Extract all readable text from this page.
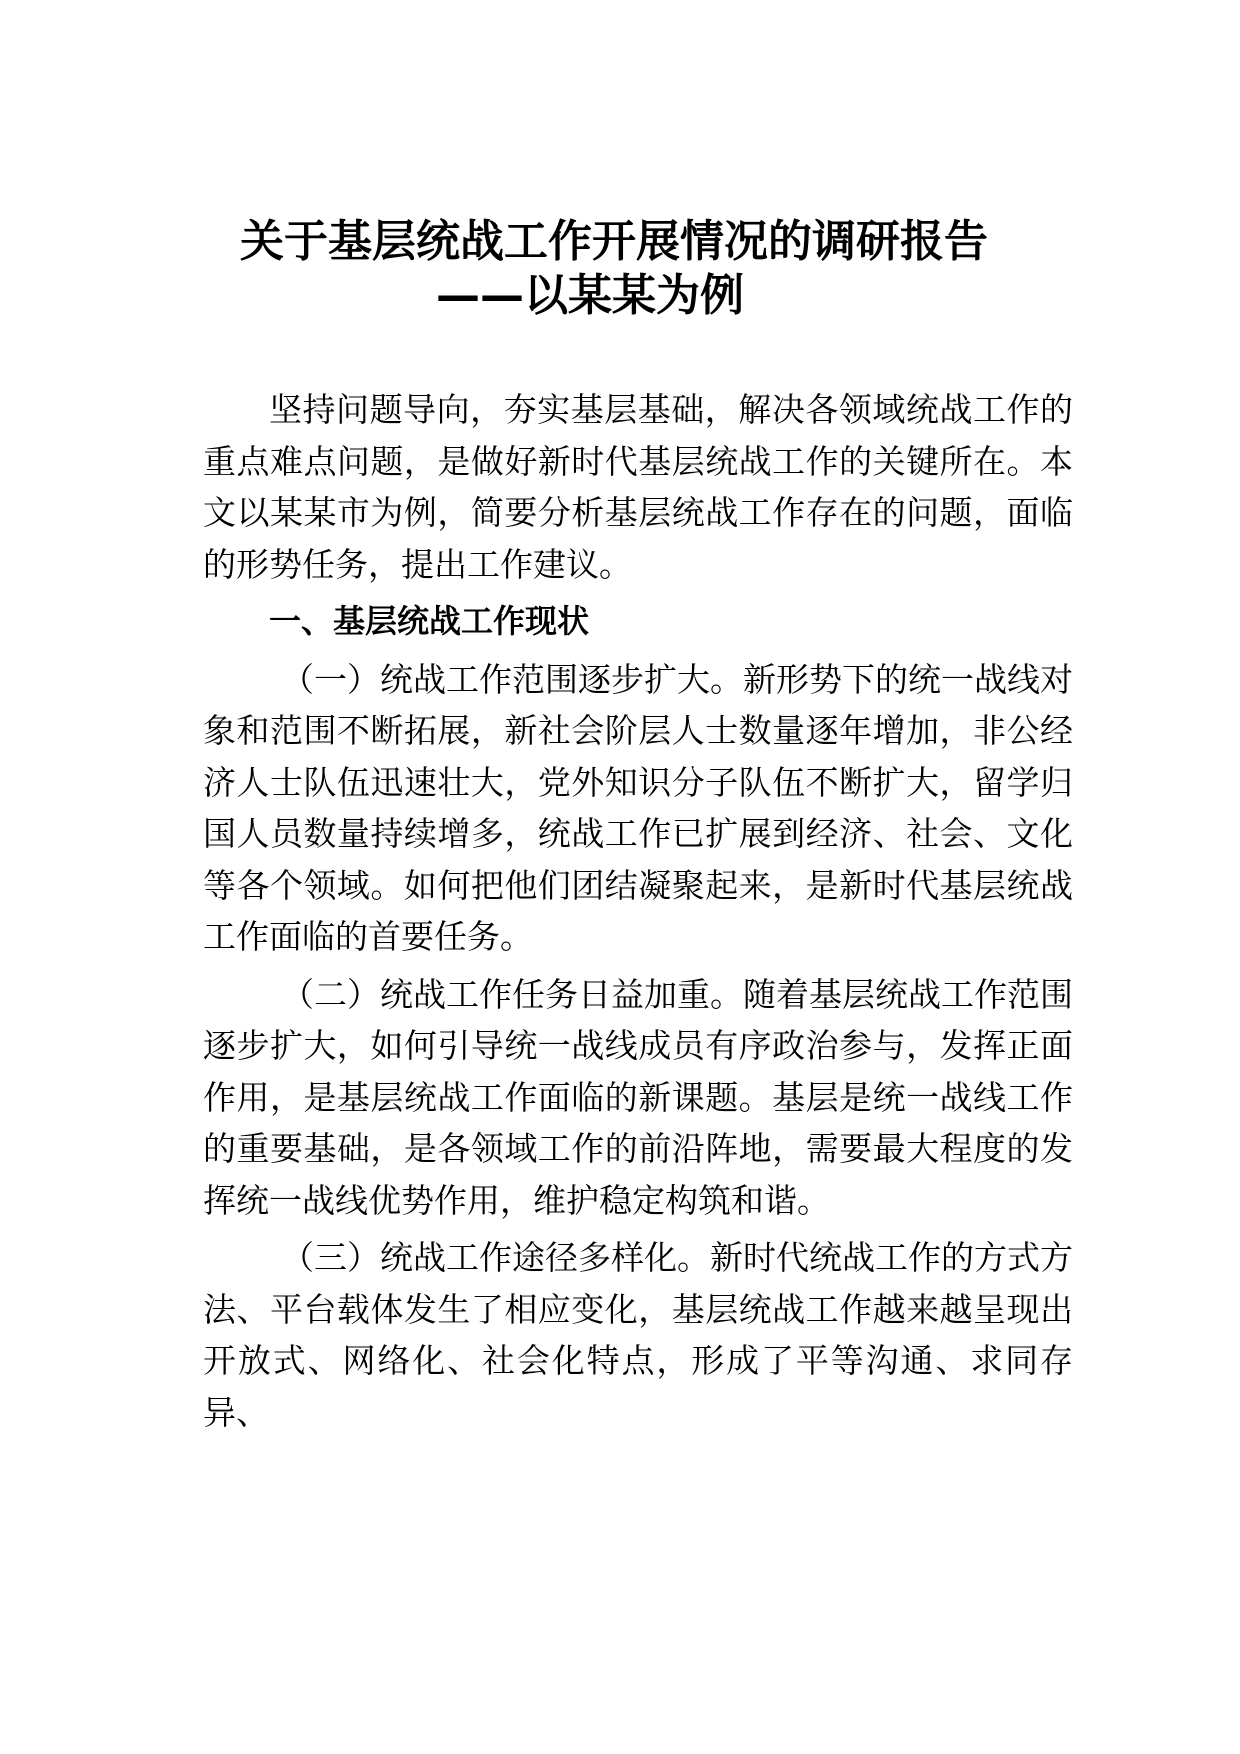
关于基层统战工作开展情况的调研报告
——以某某为例

坚持问题导向，夯实基层基础，解决各领域统战工作的重点难点问题，是做好新时代基层统战工作的关键所在。本文以某某市为例，简要分析基层统战工作存在的问题，面临的形势任务，提出工作建议。

一、基层统战工作现状

（一）统战工作范围逐步扩大。新形势下的统一战线对象和范围不断拓展，新社会阶层人士数量逐年增加，非公经济人士队伍迅速壮大，党外知识分子队伍不断扩大，留学归国人员数量持续增多，统战工作已扩展到经济、社会、文化等各个领域。如何把他们团结凝聚起来，是新时代基层统战工作面临的首要任务。

（二）统战工作任务日益加重。随着基层统战工作范围逐步扩大，如何引导统一战线成员有序政治参与，发挥正面作用，是基层统战工作面临的新课题。基层是统一战线工作的重要基础，是各领域工作的前沿阵地，需要最大程度的发挥统一战线优势作用，维护稳定构筑和谐。

（三）统战工作途径多样化。新时代统战工作的方式方法、平台载体发生了相应变化，基层统战工作越来越呈现出开放式、网络化、社会化特点，形成了平等沟通、求同存异、
